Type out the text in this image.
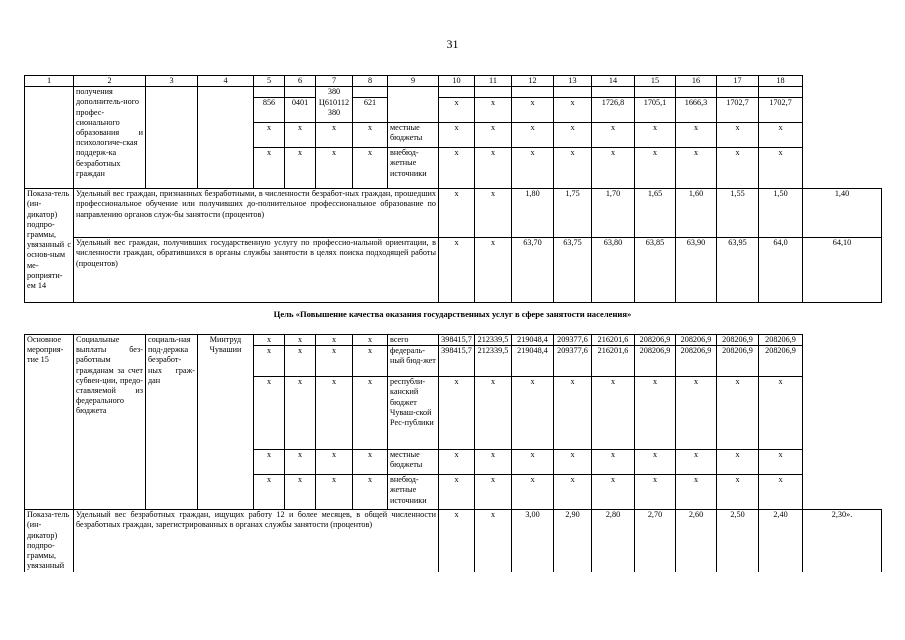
31
1	2	3	4	5	6	7	8	9	10	11	12	13	14	15	16	17	18	
	получения дополнитель-ного профес-сионального образования и психологиче-ская поддерж-ка безработных граждан					380												
				856	0401	Ц610112 380	621		x	x	x	x	1726,8	1705,1	1666,3	1702,7	1702,7	
				x	x	x	x	местные бюджеты	x	x	x	x	x	x	x	x	x	
				x	x	x	x	внебюд-жетные источники	x	x	x	x	x	x	x	x	x	
Показа-тель (ин-дикатор) подпро-граммы, увязанный с основ-ным ме-роприяти-ем 14	Удельный вес граждан, признанных безработными, в численности безработ-ных граждан, прошедших профессиональное обучение или получивших до-полнительное профессиональное образование по направлению органов служ-бы занятости (процентов)								x	x	1,80	1,75	1,70	1,65	1,60	1,55	1,50	1,40
	Удельный вес граждан, получивших государственную услугу по профессио-нальной ориентации, в численности граждан, обратившихся в органы службы занятости в целях поиска подходящей работы (процентов)								x	x	63,70	63,75	63,80	63,85	63,90	63,95	64,0	64,10
Цель «Повышение качества оказания государственных услуг в сфере занятости населения»
Основное мероприя-тие 15	Социальные выплаты без-работным гражданам за счет субвен-ции, предо-ставляемой из федерального бюджета	социаль-ная под-держка безработ-ных граж-дан	Минтруд Чувашии	x	x	x	x	всего	398415,7	212339,5	219048,4	209377,6	216201,6	208206,9	208206,9	208206,9	208206,9	
				x	x	x	x	федераль-ный бюд-жет	398415,7	212339,5	219048,4	209377,6	216201,6	208206,9	208206,9	208206,9	208206,9	
				x	x	x	x	республи-канский бюджет Чуваш-ской Рес-публики	x	x	x	x	x	x	x	x	x	
				x	x	x	x	местные бюджеты	x	x	x	x	x	x	x	x	x	
				x	x	x	x	внебюд-жетные источники	x	x	x	x	x	x	x	x	x	
Показа-тель (ин-дикатор) подпро-граммы, увязанный	Удельный вес безработных граждан, ищущих работу 12 и более месяцев, в общей численности безработных граждан, зарегистрированных в органах службы занятости (процентов)								x	x	3,00	2,90	2,80	2,70	2,60	2,50	2,40	2,30».
